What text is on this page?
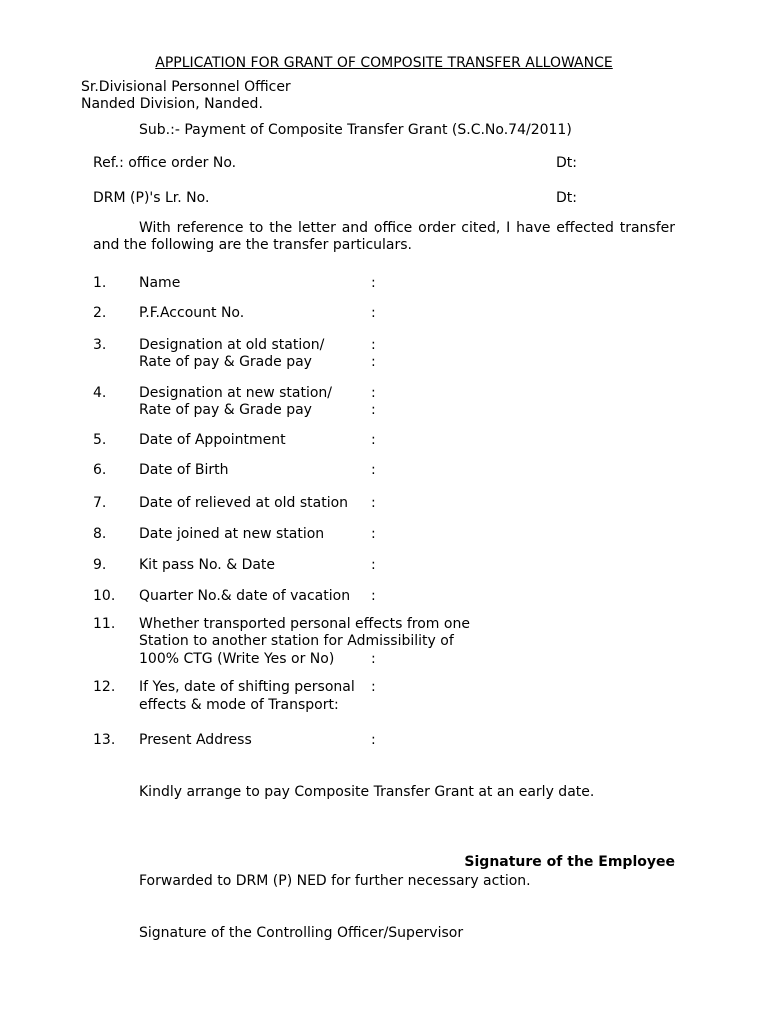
APPLICATION FOR GRANT OF COMPOSITE TRANSFER ALLOWANCE
Sr.Divisional Personnel Officer
Nanded Division, Nanded.
Sub.:- Payment of Composite Transfer Grant (S.C.No.74/2011)
Ref.: office order No.	Dt:
DRM (P)'s Lr. No.	Dt:
With reference to the letter and office order cited, I have effected transfer and the following are the transfer particulars.
1. Name	:
2. P.F.Account No.	:
3. Designation at old station/	:
Rate of pay & Grade pay	:
4. Designation at new station/	:
Rate of pay & Grade pay	:
5. Date of Appointment	:
6. Date of Birth	:
7. Date of relieved at old station :
8. Date joined at new station	:
9. Kit pass No. & Date	:
10. Quarter No.& date of vacation :
11. Whether transported personal effects from one
Station to another station for Admissibility of
100% CTG (Write Yes or No)	:
12. If Yes, date of shifting personal :
effects & mode of Transport:
13. Present Address	:
Kindly arrange to pay Composite Transfer Grant at an early date.
Signature of the Employee
Forwarded to DRM (P) NED for further necessary action.
Signature of the Controlling Officer/Supervisor
